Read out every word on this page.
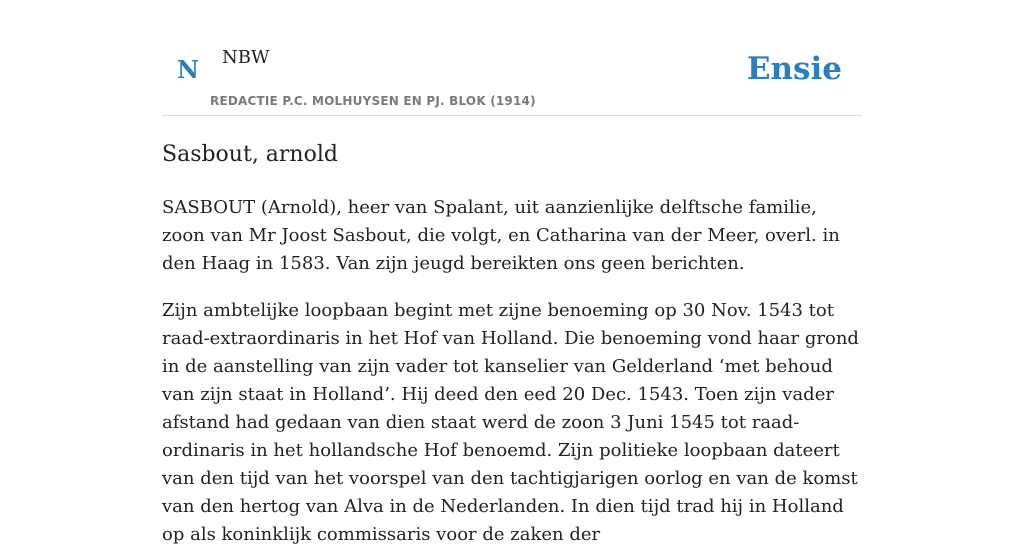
N NBW	Ensie
REDACTIE P.C. MOLHUYSEN EN PJ. BLOK (1914)
Sasbout, arnold

SASBOUT (Arnold), heer van Spalant, uit aanzienlijke delftsche familie, zoon van Mr Joost Sasbout, die volgt, en Catharina van der Meer, overl. in den Haag in 1583. Van zijn jeugd bereikten ons geen berichten.

Zijn ambtelijke loopbaan begint met zijne benoeming op 30 Nov. 1543 tot raad-extraordinaris in het Hof van Holland. Die benoeming vond haar grond in de aanstelling van zijn vader tot kanselier van Gelderland ‘met behoud van zijn staat in Holland’. Hij deed den eed 20 Dec. 1543. Toen zijn vader afstand had gedaan van dien staat werd de zoon 3 Juni 1545 tot raad-ordinaris in het hollandsche Hof benoemd. Zijn politieke loopbaan dateert van den tijd van het voorspel van den tachtigjarigen oorlog en van de komst van den hertog van Alva in de Nederlanden. In dien tijd trad hij in Holland op als koninklijk commissaris voor de zaken der
